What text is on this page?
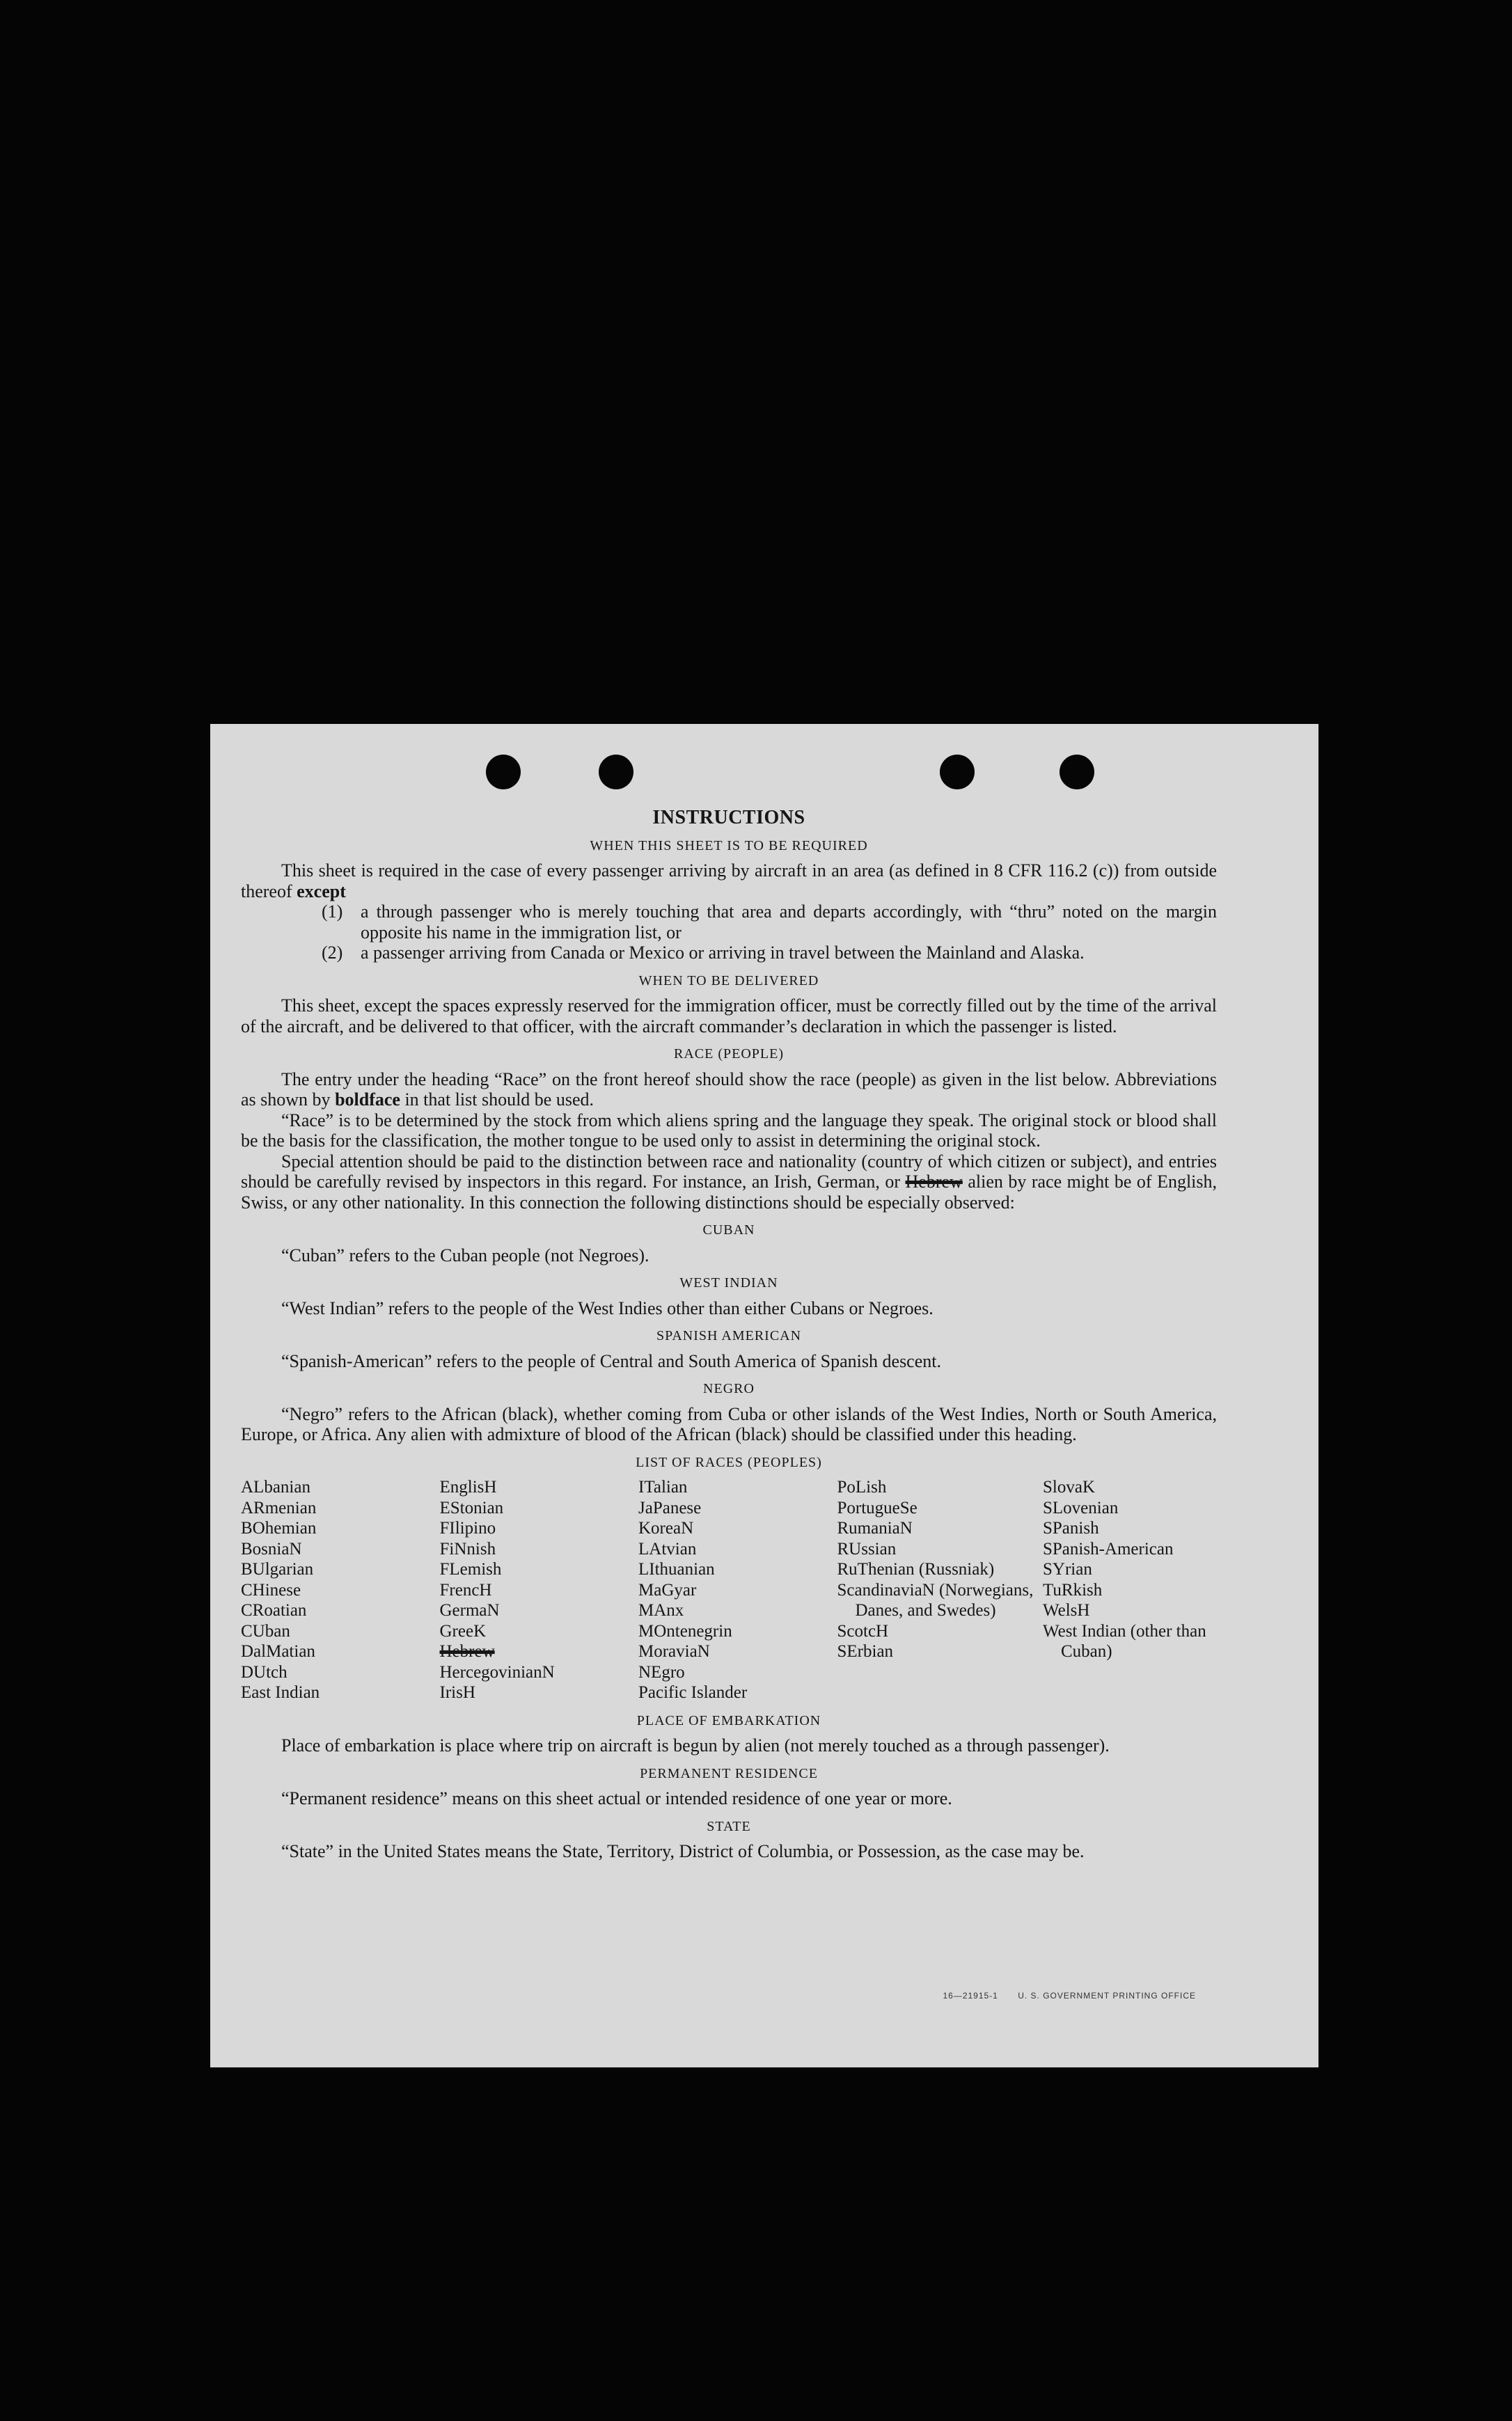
INSTRUCTIONS
WHEN THIS SHEET IS TO BE REQUIRED

This sheet is required in the case of every passenger arriving by aircraft in an area (as defined in 8 CFR 116.2 (c)) from outside thereof except

(1) a through passenger who is merely touching that area and departs accordingly, with “thru” noted on the margin opposite his name in the immigration list, or

(2) a passenger arriving from Canada or Mexico or arriving in travel between the Mainland and Alaska.

WHEN TO BE DELIVERED

This sheet, except the spaces expressly reserved for the immigration officer, must be correctly filled out by the time of the arrival of the aircraft, and be delivered to that officer, with the aircraft commander’s declaration in which the passenger is listed.

RACE (PEOPLE)

The entry under the heading “Race” on the front hereof should show the race (people) as given in the list below. Abbreviations as shown by boldface in that list should be used.

“Race” is to be determined by the stock from which aliens spring and the language they speak. The original stock or blood shall be the basis for the classification, the mother tongue to be used only to assist in determining the original stock.

Special attention should be paid to the distinction between race and nationality (country of which citizen or subject), and entries should be carefully revised by inspectors in this regard. For instance, an Irish, German, or Hebrew alien by race might be of English, Swiss, or any other nationality. In this connection the following distinctions should be especially observed:

CUBAN

“Cuban” refers to the Cuban people (not Negroes).

WEST INDIAN

“West Indian” refers to the people of the West Indies other than either Cubans or Negroes.

SPANISH AMERICAN

“Spanish-American” refers to the people of Central and South America of Spanish descent.

NEGRO

“Negro” refers to the African (black), whether coming from Cuba or other islands of the West Indies, North or South America, Europe, or Africa. Any alien with admixture of blood of the African (black) should be classified under this heading.

LIST OF RACES (PEOPLES)
ALbanian
ARmenian
BOhemian
BosniaN
BUlgarian
CHinese
CRoatian
CUban
DalMatian
DUtch
East Indian
EnglisH
EStonian
FIlipino
FiNnish
FLemish
FrencH
GermaN
GreeK
Hebrew
HercegovinianN
IrisH
ITalian
JaPanese
KoreaN
LAtvian
LIthuanian
MaGyar
MAnx
MOntenegrin
MoraviaN
NEgro
Pacific Islander
PoLish
PortugueSe
RumaniaN
RUssian
RuThenian (Russniak)
ScandinaviaN (Norwegians, Danes, and Swedes)
ScotcH
SErbian
SlovaK
SLovenian
SPanish
SPanish-American
SYrian
TuRkish
WelsH
West Indian (other than Cuban)
PLACE OF EMBARKATION

Place of embarkation is place where trip on aircraft is begun by alien (not merely touched as a through passenger).

PERMANENT RESIDENCE

“Permanent residence” means on this sheet actual or intended residence of one year or more.

STATE

“State” in the United States means the State, Territory, District of Columbia, or Possession, as the case may be.

16—21915-1 U. S. GOVERNMENT PRINTING OFFICE
